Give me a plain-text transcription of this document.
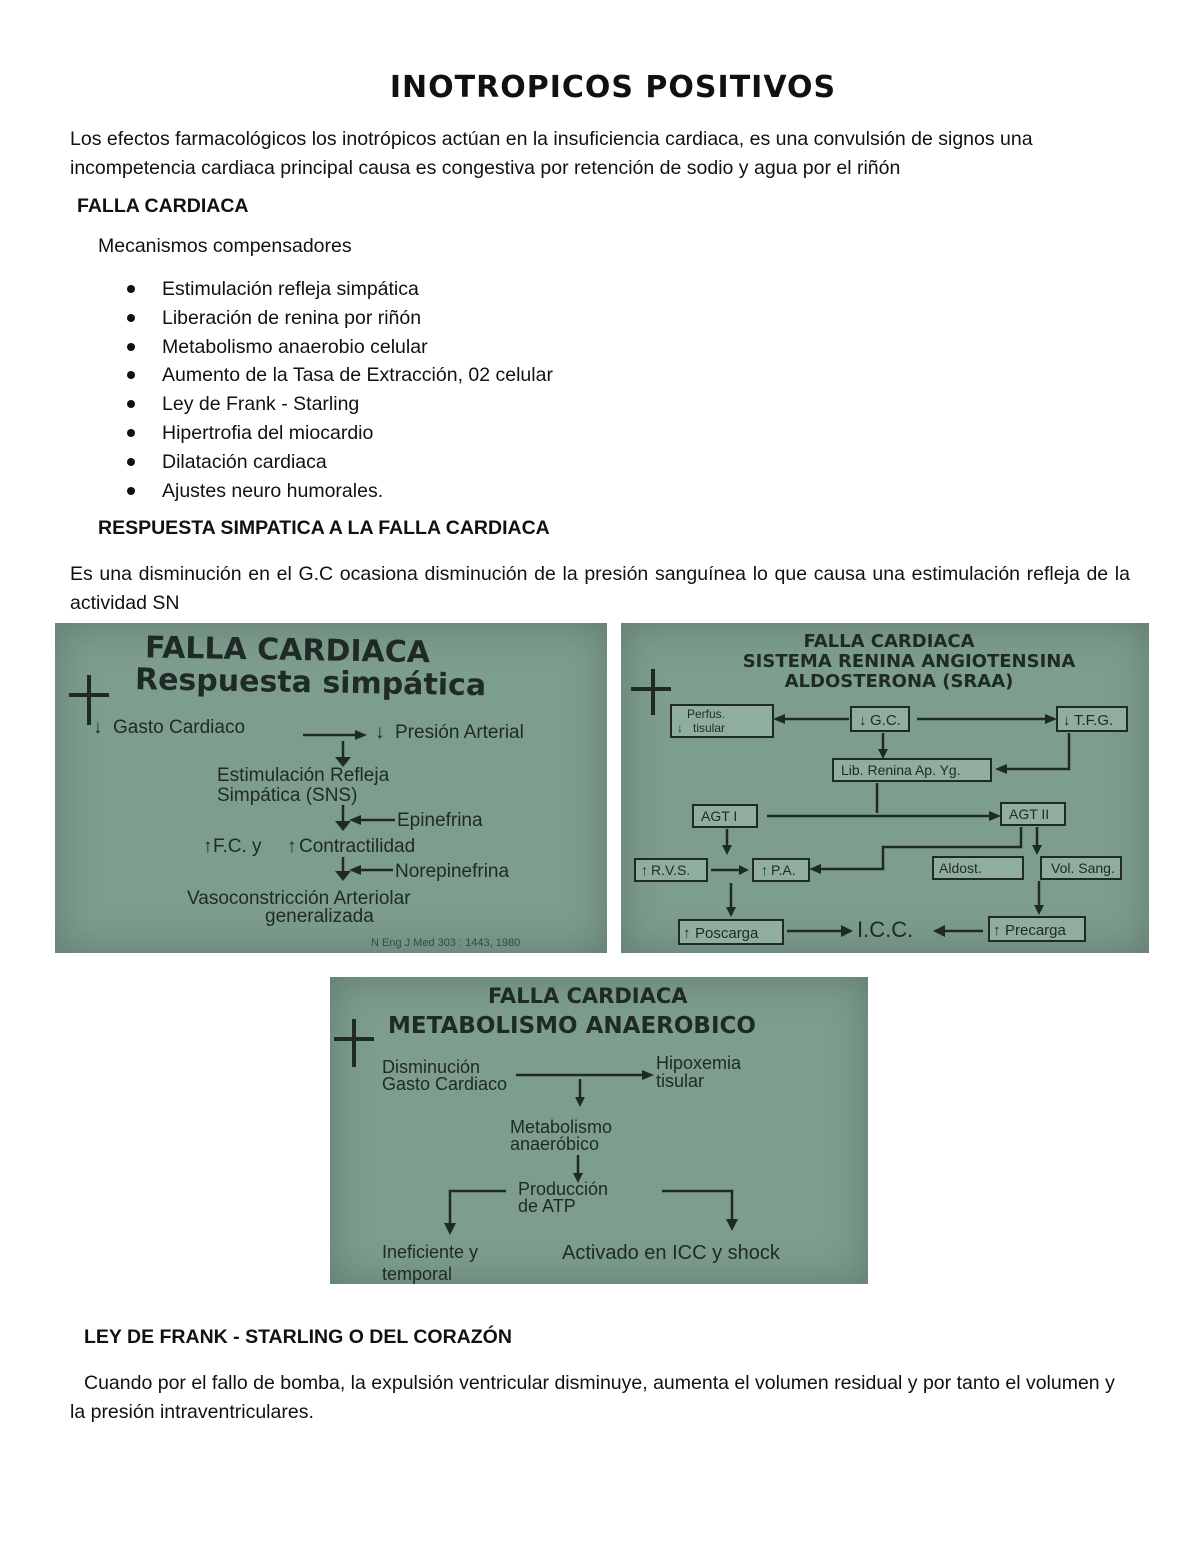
INOTROPICOS POSITIVOS

Los efectos farmacológicos los inotrópicos actúan en la insuficiencia cardiaca, es una convulsión de signos una incompetencia cardiaca principal causa es congestiva por retención de sodio y agua por el riñón

FALLA CARDIACA

Mecanismos compensadores

Estimulación refleja simpática
Liberación de renina por riñón
Metabolismo anaerobio celular
Aumento de la Tasa de Extracción, 02 celular
Ley de Frank - Starling
Hipertrofia del miocardio
Dilatación cardiaca
Ajustes neuro humorales.

RESPUESTA SIMPATICA A LA FALLA CARDIACA

Es una disminución en el G.C ocasiona disminución de la presión sanguínea lo que causa una estimulación refleja de la actividad SN

FALLA CARDIACA
Respuesta simpática
↓ Gasto Cardiaco	↓ Presión Arterial
Estimulación Refleja
Simpática (SNS)
Epinefrina
↑ F.C. y ↑ Contractilidad
Norepinefrina
Vasoconstricción Arteriolar
generalizada
N Eng J Med 303 : 1443, 1980
FALLA CARDIACA
SISTEMA RENINA ANGIOTENSINA
ALDOSTERONA (SRAA)
Perfus.
↓ tisular	↓ G.C.	↓ T.F.G.
Lib. Renina Ap. Yg.
AGT I	AGT II
↑ R.V.S.	↑ P.A.	Aldost.	Vol. Sang.
↑ Poscarga	I.C.C.	↑ Precarga
FALLA CARDIACA
METABOLISMO ANAEROBICO
Disminución
Gasto Cardiaco
Hipoxemia
tisular
Metabolismo
anaeróbico
Producción
de ATP
Ineficiente y
temporal
Activado en ICC y shock

LEY DE FRANK - STARLING O DEL CORAZÓN

Cuando por el fallo de bomba, la expulsión ventricular disminuye, aumenta el volumen residual y por tanto el volumen y la presión intraventriculares.
